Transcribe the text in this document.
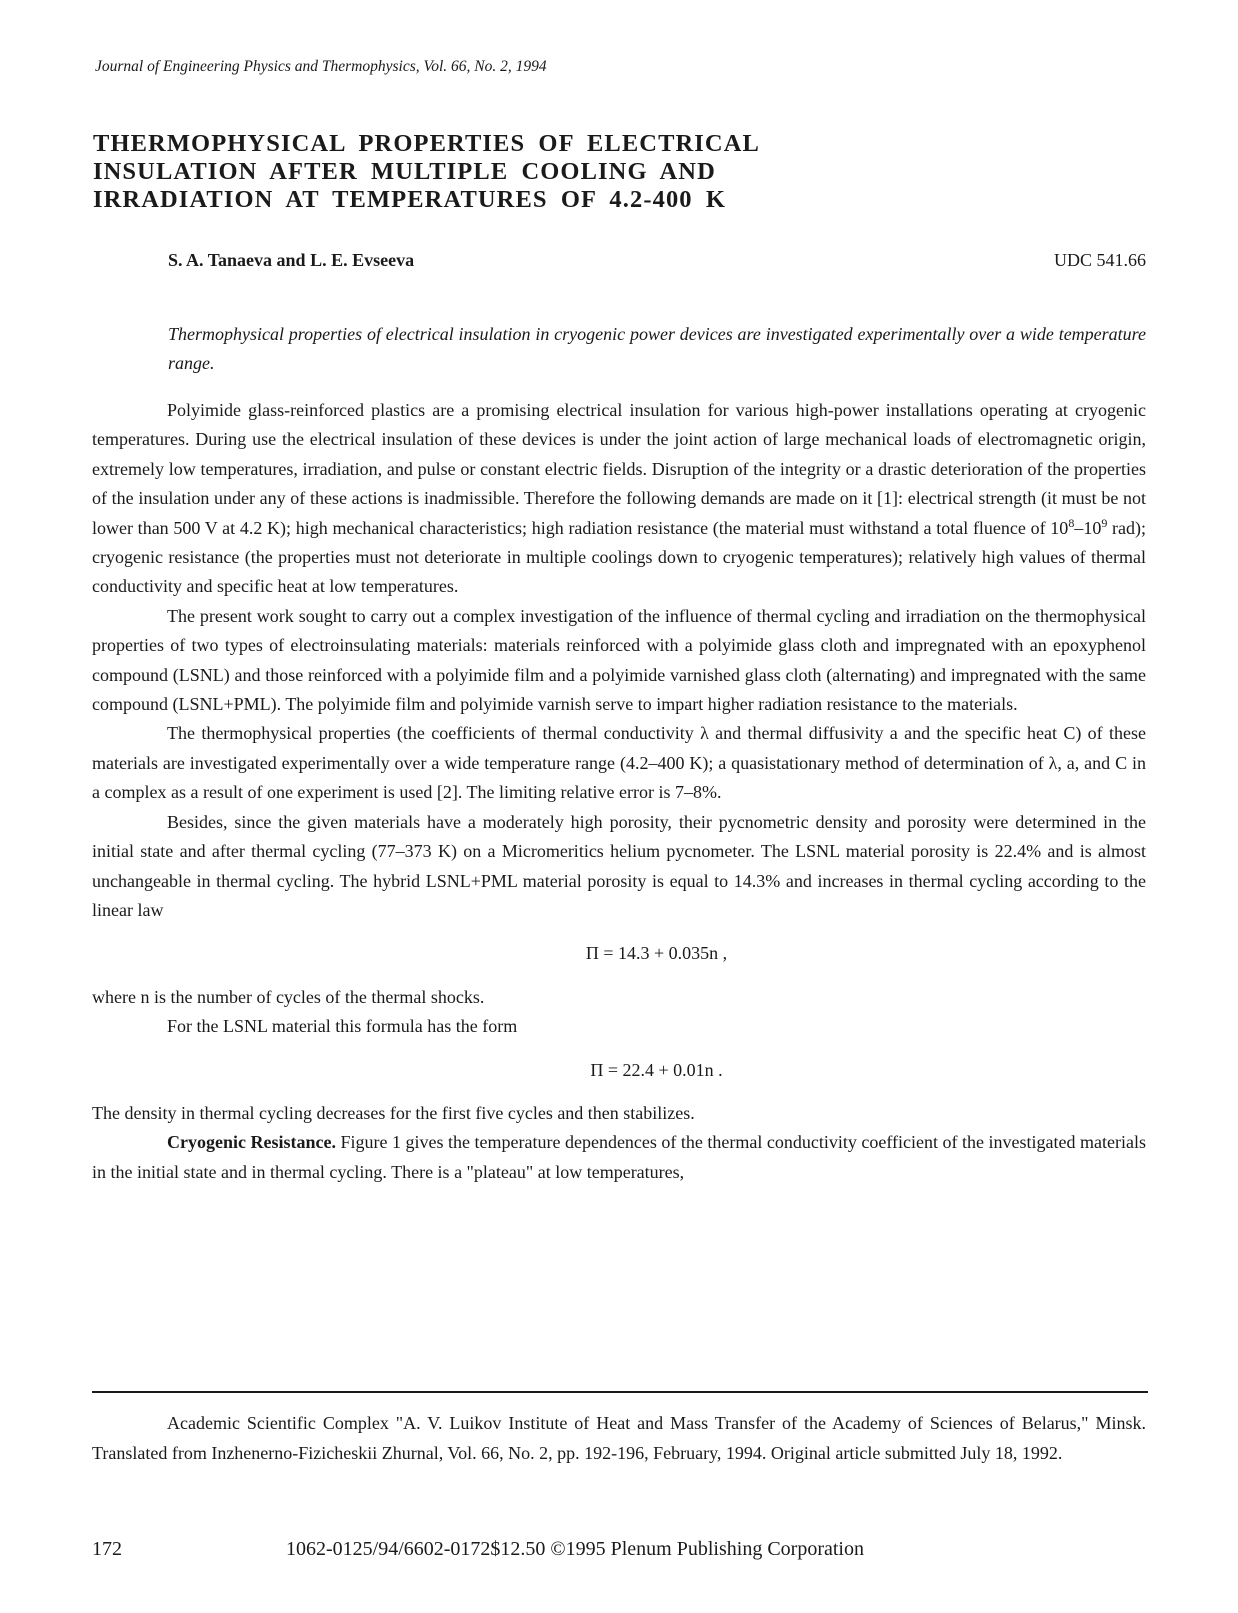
Journal of Engineering Physics and Thermophysics, Vol. 66, No. 2, 1994
THERMOPHYSICAL PROPERTIES OF ELECTRICAL
INSULATION AFTER MULTIPLE COOLING AND
IRRADIATION AT TEMPERATURES OF 4.2-400 K
S. A. Tanaeva and L. E. Evseeva	UDC 541.66
Thermophysical properties of electrical insulation in cryogenic power devices are investigated experimentally over a wide temperature range.

Polyimide glass-reinforced plastics are a promising electrical insulation for various high-power installations operating at cryogenic temperatures. During use the electrical insulation of these devices is under the joint action of large mechanical loads of electromagnetic origin, extremely low temperatures, irradiation, and pulse or constant electric fields. Disruption of the integrity or a drastic deterioration of the properties of the insulation under any of these actions is inadmissible. Therefore the following demands are made on it [1]: electrical strength (it must be not lower than 500 V at 4.2 K); high mechanical characteristics; high radiation resistance (the material must withstand a total fluence of $10^8-10^9$ rad); cryogenic resistance (the properties must not deteriorate in multiple coolings down to cryogenic temperatures); relatively high values of thermal conductivity and specific heat at low temperatures.

The present work sought to carry out a complex investigation of the influence of thermal cycling and irradiation on the thermophysical properties of two types of electroinsulating materials: materials reinforced with a polyimide glass cloth and impregnated with an epoxyphenol compound (LSNL) and those reinforced with a polyimide film and a polyimide varnished glass cloth (alternating) and impregnated with the same compound (LSNL+PML). The polyimide film and polyimide varnish serve to impart higher radiation resistance to the materials.

The thermophysical properties (the coefficients of thermal conductivity λ and thermal diffusivity a and the specific heat C) of these materials are investigated experimentally over a wide temperature range (4.2–400 K); a quasistationary method of determination of λ, a, and C in a complex as a result of one experiment is used [2]. The limiting relative error is 7–8%.

Besides, since the given materials have a moderately high porosity, their pycnometric density and porosity were determined in the initial state and after thermal cycling (77–373 K) on a Micromeritics helium pycnometer. The LSNL material porosity is 22.4% and is almost unchangeable in thermal cycling. The hybrid LSNL+PML material porosity is equal to 14.3% and increases in thermal cycling according to the linear law

Π = 14.3 + 0.035n ,

where n is the number of cycles of the thermal shocks.

For the LSNL material this formula has the form

Π = 22.4 + 0.01n .

The density in thermal cycling decreases for the first five cycles and then stabilizes.

Cryogenic Resistance. Figure 1 gives the temperature dependences of the thermal conductivity coefficient of the investigated materials in the initial state and in thermal cycling. There is a "plateau" at low temperatures,

Academic Scientific Complex "A. V. Luikov Institute of Heat and Mass Transfer of the Academy of Sciences of Belarus," Minsk. Translated from Inzhenerno-Fizicheskii Zhurnal, Vol. 66, No. 2, pp. 192-196, February, 1994. Original article submitted July 18, 1992.

172	1062-0125/94/6602-0172$12.50 ©1995 Plenum Publishing Corporation
